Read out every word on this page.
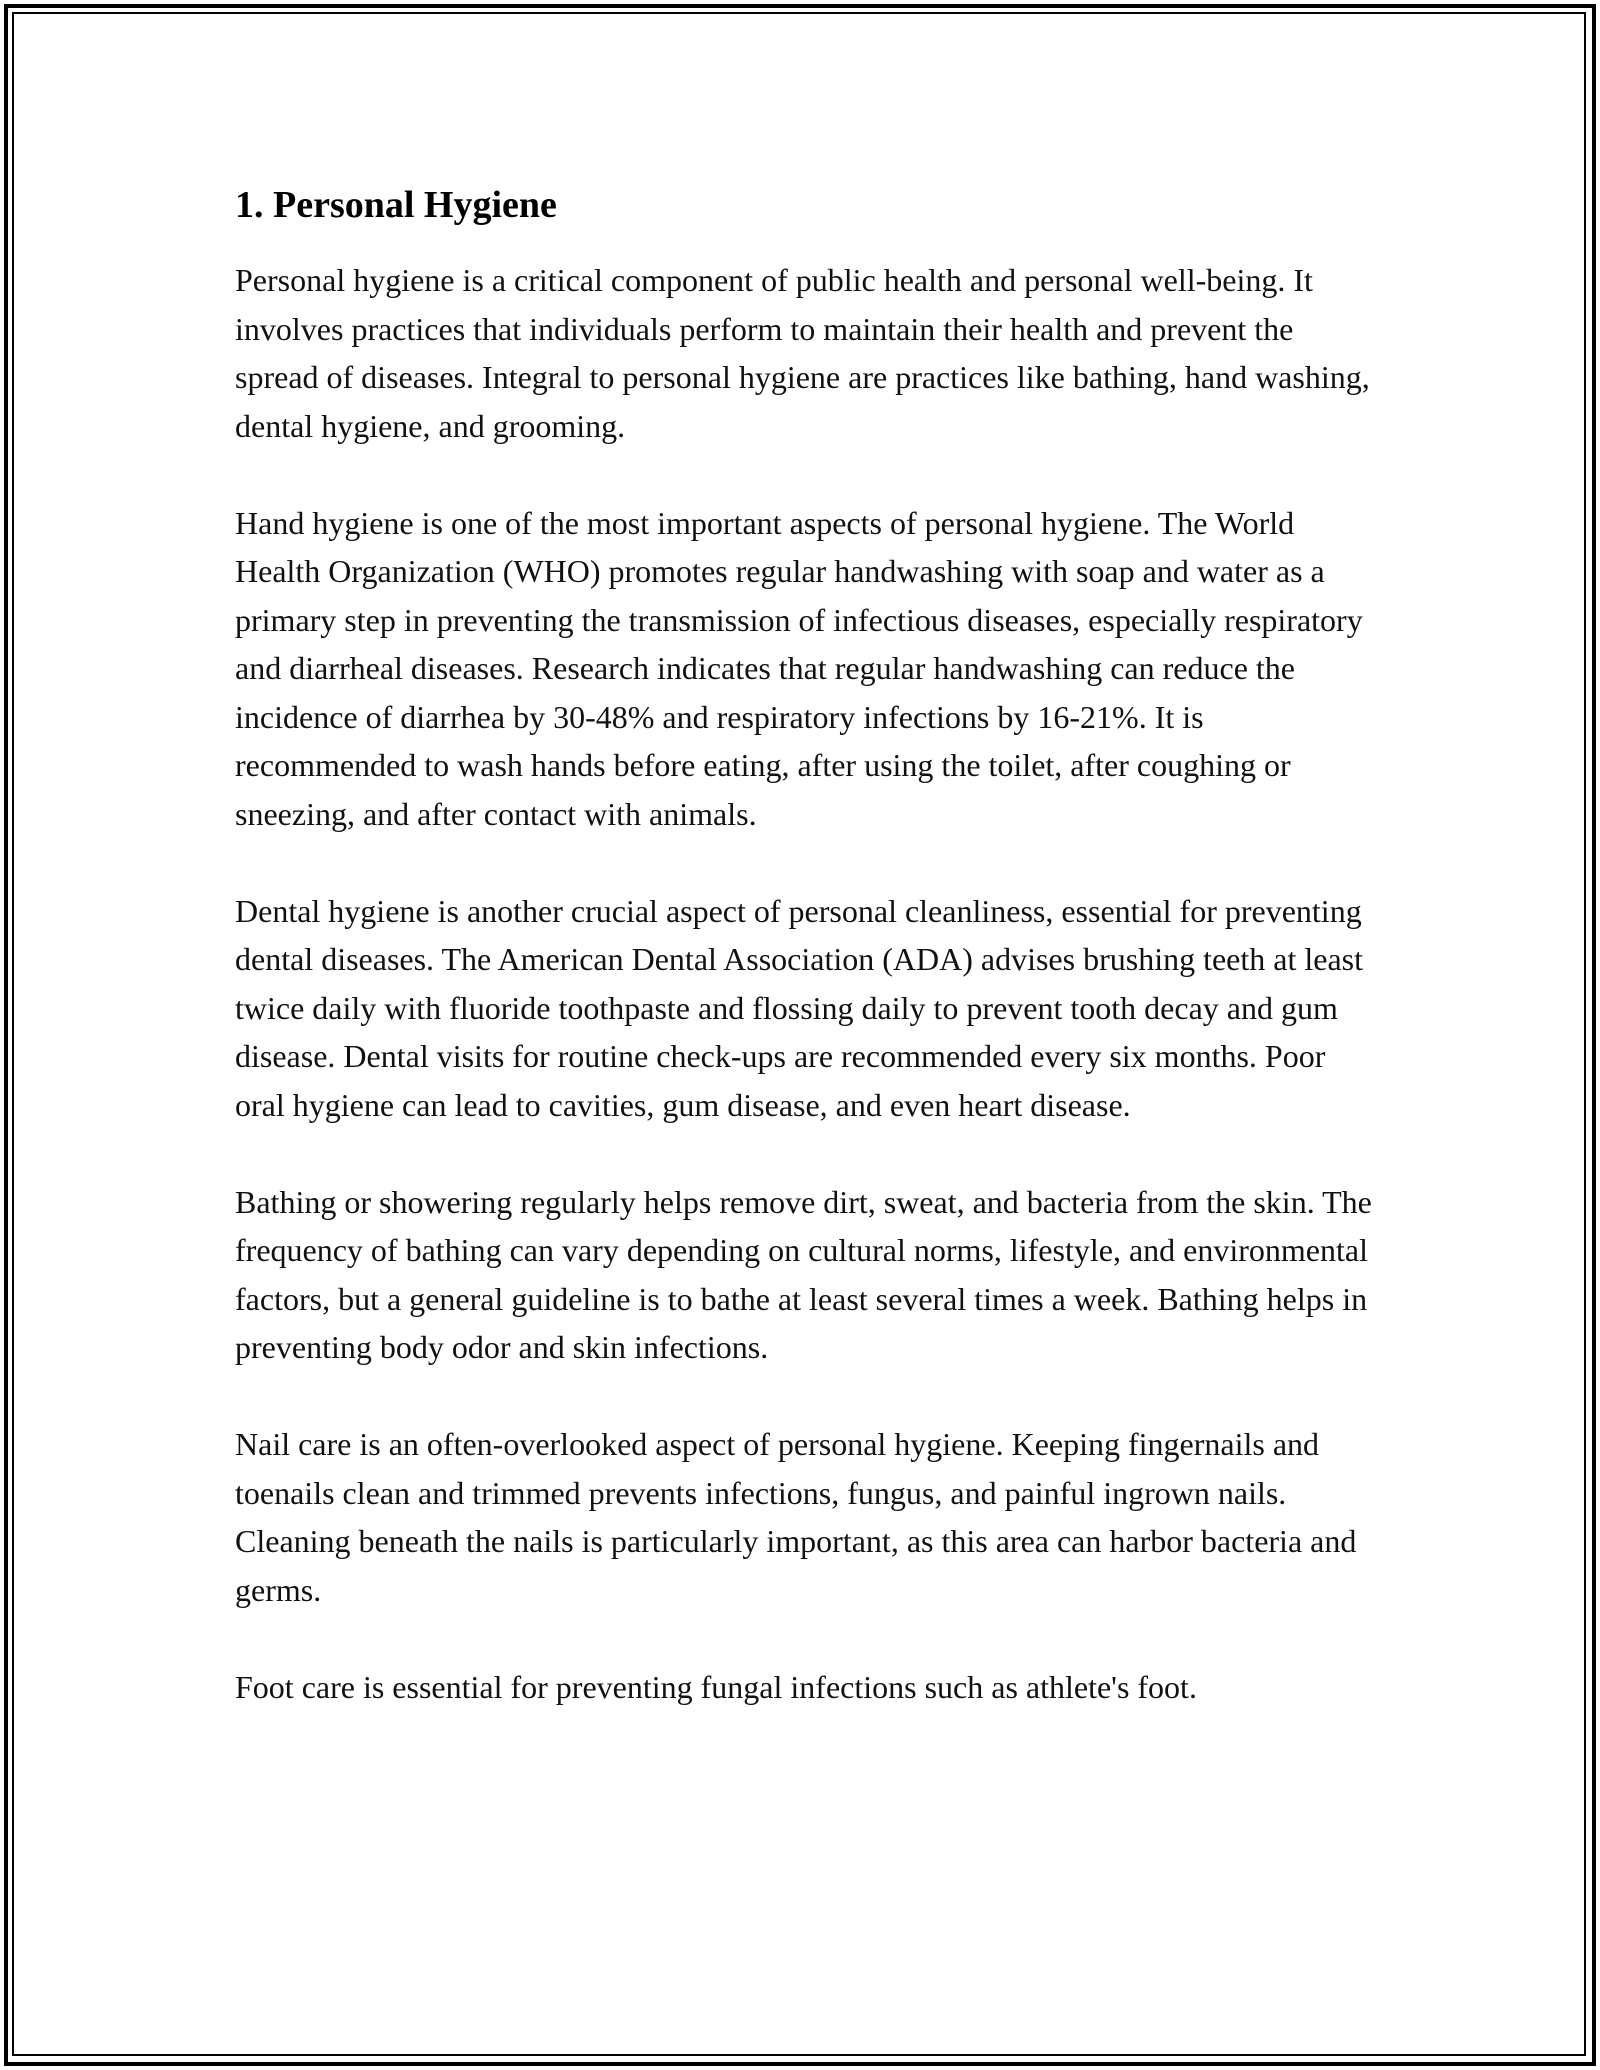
1. Personal Hygiene

Personal hygiene is a critical component of public health and personal well-being. It involves practices that individuals perform to maintain their health and prevent the spread of diseases. Integral to personal hygiene are practices like bathing, hand washing, dental hygiene, and grooming.

Hand hygiene is one of the most important aspects of personal hygiene. The World Health Organization (WHO) promotes regular handwashing with soap and water as a primary step in preventing the transmission of infectious diseases, especially respiratory and diarrheal diseases. Research indicates that regular handwashing can reduce the incidence of diarrhea by 30-48% and respiratory infections by 16-21%. It is recommended to wash hands before eating, after using the toilet, after coughing or sneezing, and after contact with animals.

Dental hygiene is another crucial aspect of personal cleanliness, essential for preventing dental diseases. The American Dental Association (ADA) advises brushing teeth at least twice daily with fluoride toothpaste and flossing daily to prevent tooth decay and gum disease. Dental visits for routine check-ups are recommended every six months. Poor oral hygiene can lead to cavities, gum disease, and even heart disease.

Bathing or showering regularly helps remove dirt, sweat, and bacteria from the skin. The frequency of bathing can vary depending on cultural norms, lifestyle, and environmental factors, but a general guideline is to bathe at least several times a week. Bathing helps in preventing body odor and skin infections.

Nail care is an often-overlooked aspect of personal hygiene. Keeping fingernails and toenails clean and trimmed prevents infections, fungus, and painful ingrown nails. Cleaning beneath the nails is particularly important, as this area can harbor bacteria and germs.

Foot care is essential for preventing fungal infections such as athlete's foot.
